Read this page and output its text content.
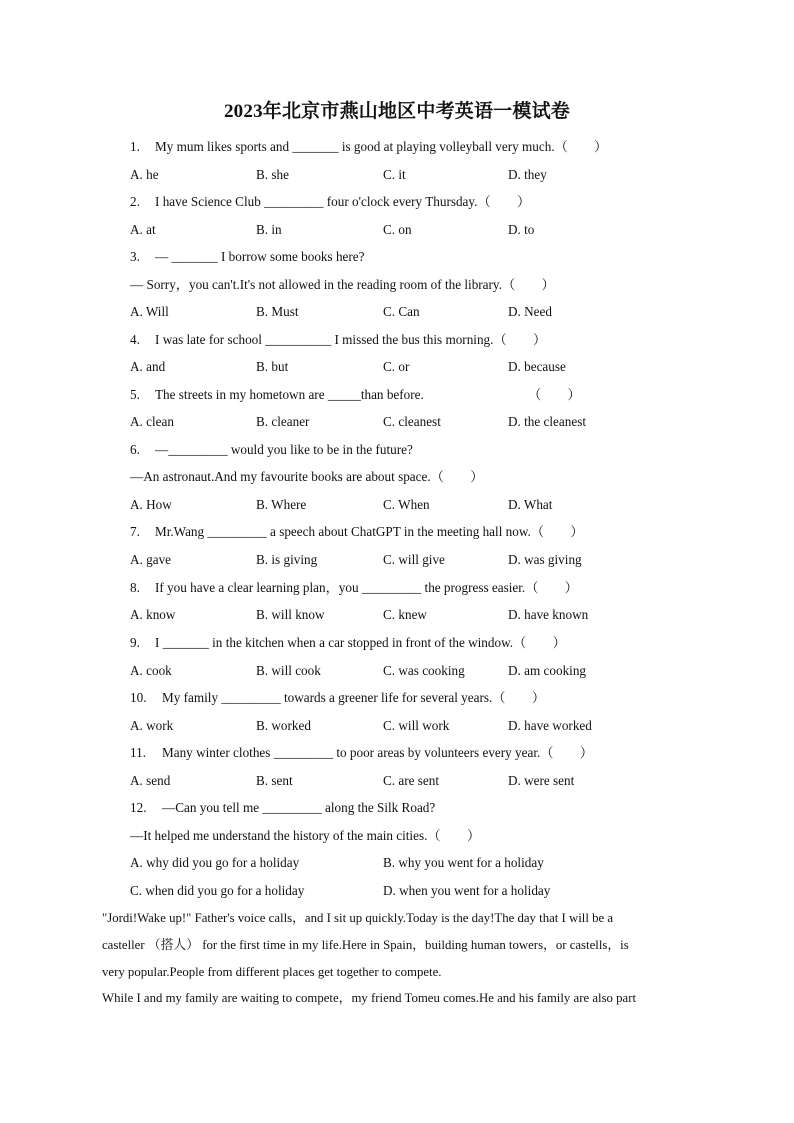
2023年北京市燕山地区中考英语一模试卷
1. My mum likes sports and _______ is good at playing volleyball very much.（　　）
A. he	B. she	C. it	D. they
2. I have Science Club _________ four o'clock every Thursday.（　　）
A. at	B. in	C. on	D. to
3. — _______ I borrow some books here?
— Sorry，you can't.It's not allowed in the reading room of the library.（　　）
A. Will	B. Must	C. Can	D. Need
4. I was late for school __________ I missed the bus this morning.（　　）
A. and	B. but	C. or	D. because
5. The streets in my hometown are _____than before.	（　　）
A. clean	B. cleaner	C. cleanest	D. the cleanest
6. —_________ would you like to be in the future?
—An astronaut.And my favourite books are about space.（　　）
A. How	B. Where	C. When	D. What
7. Mr.Wang _________ a speech about ChatGPT in the meeting hall now.（　　）
A. gave	B. is giving	C. will give	D. was giving
8. If you have a clear learning plan，you _________ the progress easier.（　　）
A. know	B. will know	C. knew	D. have known
9. I _______ in the kitchen when a car stopped in front of the window.（　　）
A. cook	B. will cook	C. was cooking	D. am cooking
10. My family _________ towards a greener life for several years.（　　）
A. work	B. worked	C. will work	D. have worked
11. Many winter clothes _________ to poor areas by volunteers every year.（　　）
A. send	B. sent	C. are sent	D. were sent
12. —Can you tell me _________ along the Silk Road?
—It helped me understand the history of the main cities.（　　）
A. why did you go for a holiday	B. why you went for a holiday
C. when did you go for a holiday	D. when you went for a holiday
"Jordi!Wake up!" Father's voice calls，and I sit up quickly.Today is the day!The day that I will be a
casteller （搭人） for the first time in my life.Here in Spain，building human towers，or castells，is
very popular.People from different places get together to compete.
While I and my family are waiting to compete，my friend Tomeu comes.He and his family are also part
